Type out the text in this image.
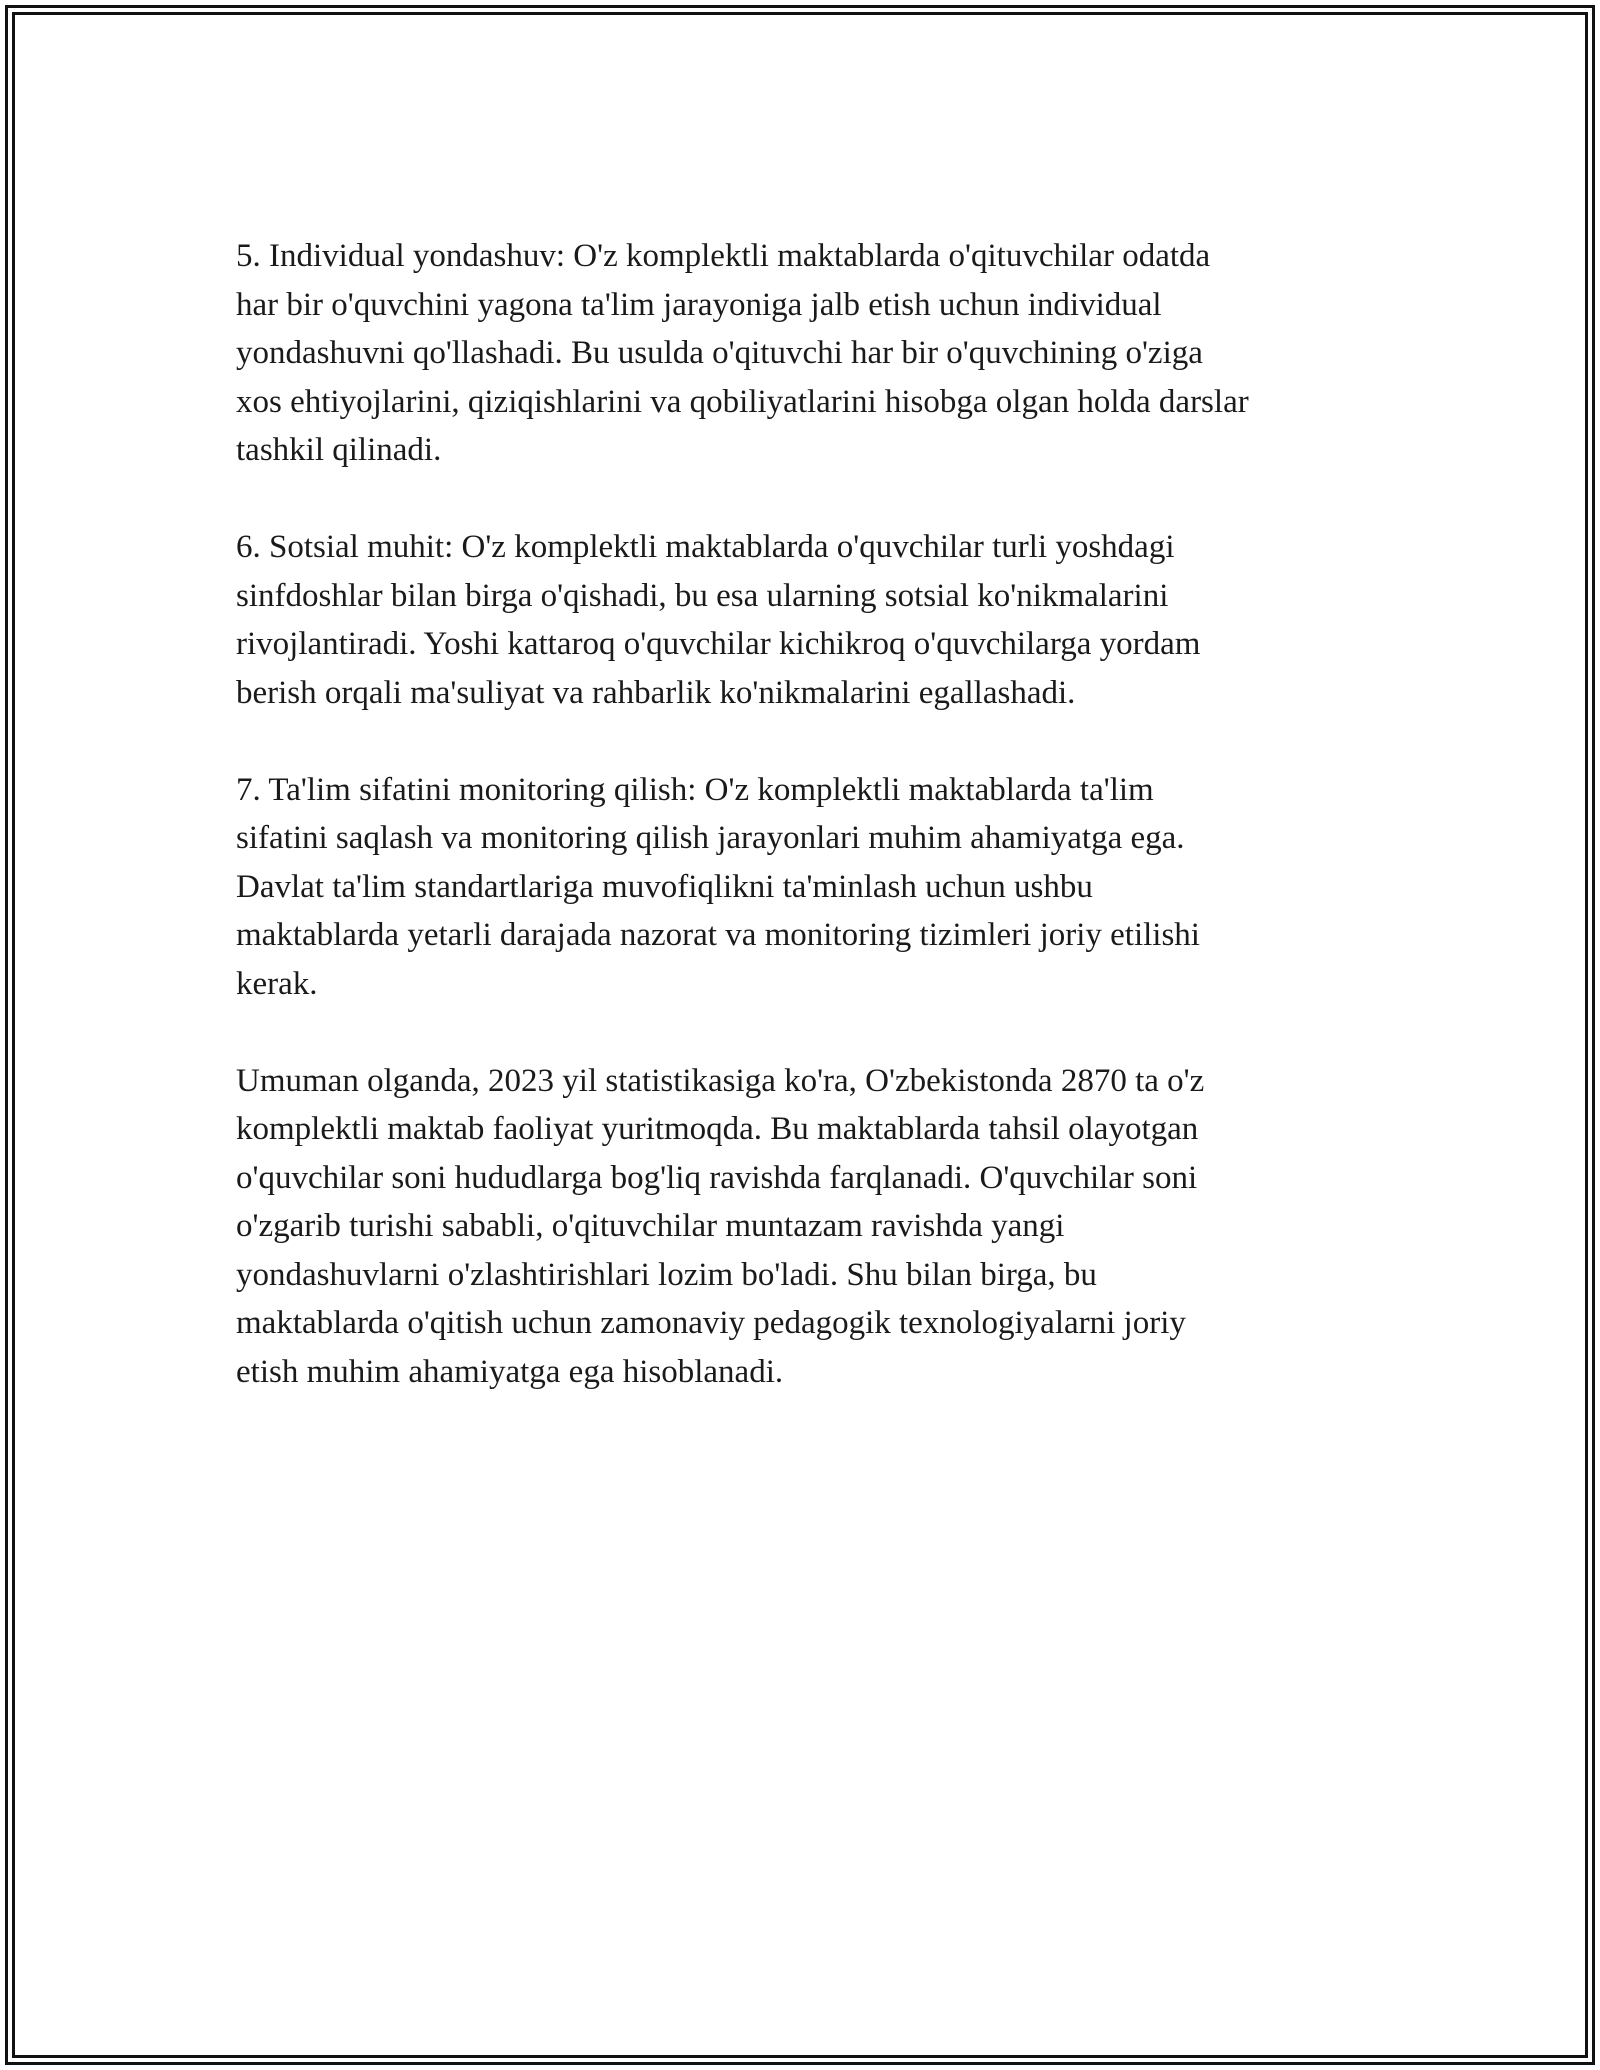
5. Individual yondashuv: O'z komplektli maktablarda o'qituvchilar odatda
har bir o'quvchini yagona ta'lim jarayoniga jalb etish uchun individual
yondashuvni qo'llashadi. Bu usulda o'qituvchi har bir o'quvchining o'ziga
xos ehtiyojlarini, qiziqishlarini va qobiliyatlarini hisobga olgan holda darslar
tashkil qilinadi.

6. Sotsial muhit: O'z komplektli maktablarda o'quvchilar turli yoshdagi
sinfdoshlar bilan birga o'qishadi, bu esa ularning sotsial ko'nikmalarini
rivojlantiradi. Yoshi kattaroq o'quvchilar kichikroq o'quvchilarga yordam
berish orqali ma'suliyat va rahbarlik ko'nikmalarini egallashadi.

7. Ta'lim sifatini monitoring qilish: O'z komplektli maktablarda ta'lim
sifatini saqlash va monitoring qilish jarayonlari muhim ahamiyatga ega.
Davlat ta'lim standartlariga muvofiqlikni ta'minlash uchun ushbu
maktablarda yetarli darajada nazorat va monitoring tizimleri joriy etilishi
kerak.

Umuman olganda, 2023 yil statistikasiga ko'ra, O'zbekistonda 2870 ta o'z
komplektli maktab faoliyat yuritmoqda. Bu maktablarda tahsil olayotgan
o'quvchilar soni hududlarga bog'liq ravishda farqlanadi. O'quvchilar soni
o'zgarib turishi sababli, o'qituvchilar muntazam ravishda yangi
yondashuvlarni o'zlashtirishlari lozim bo'ladi. Shu bilan birga, bu
maktablarda o'qitish uchun zamonaviy pedagogik texnologiyalarni joriy
etish muhim ahamiyatga ega hisoblanadi.
